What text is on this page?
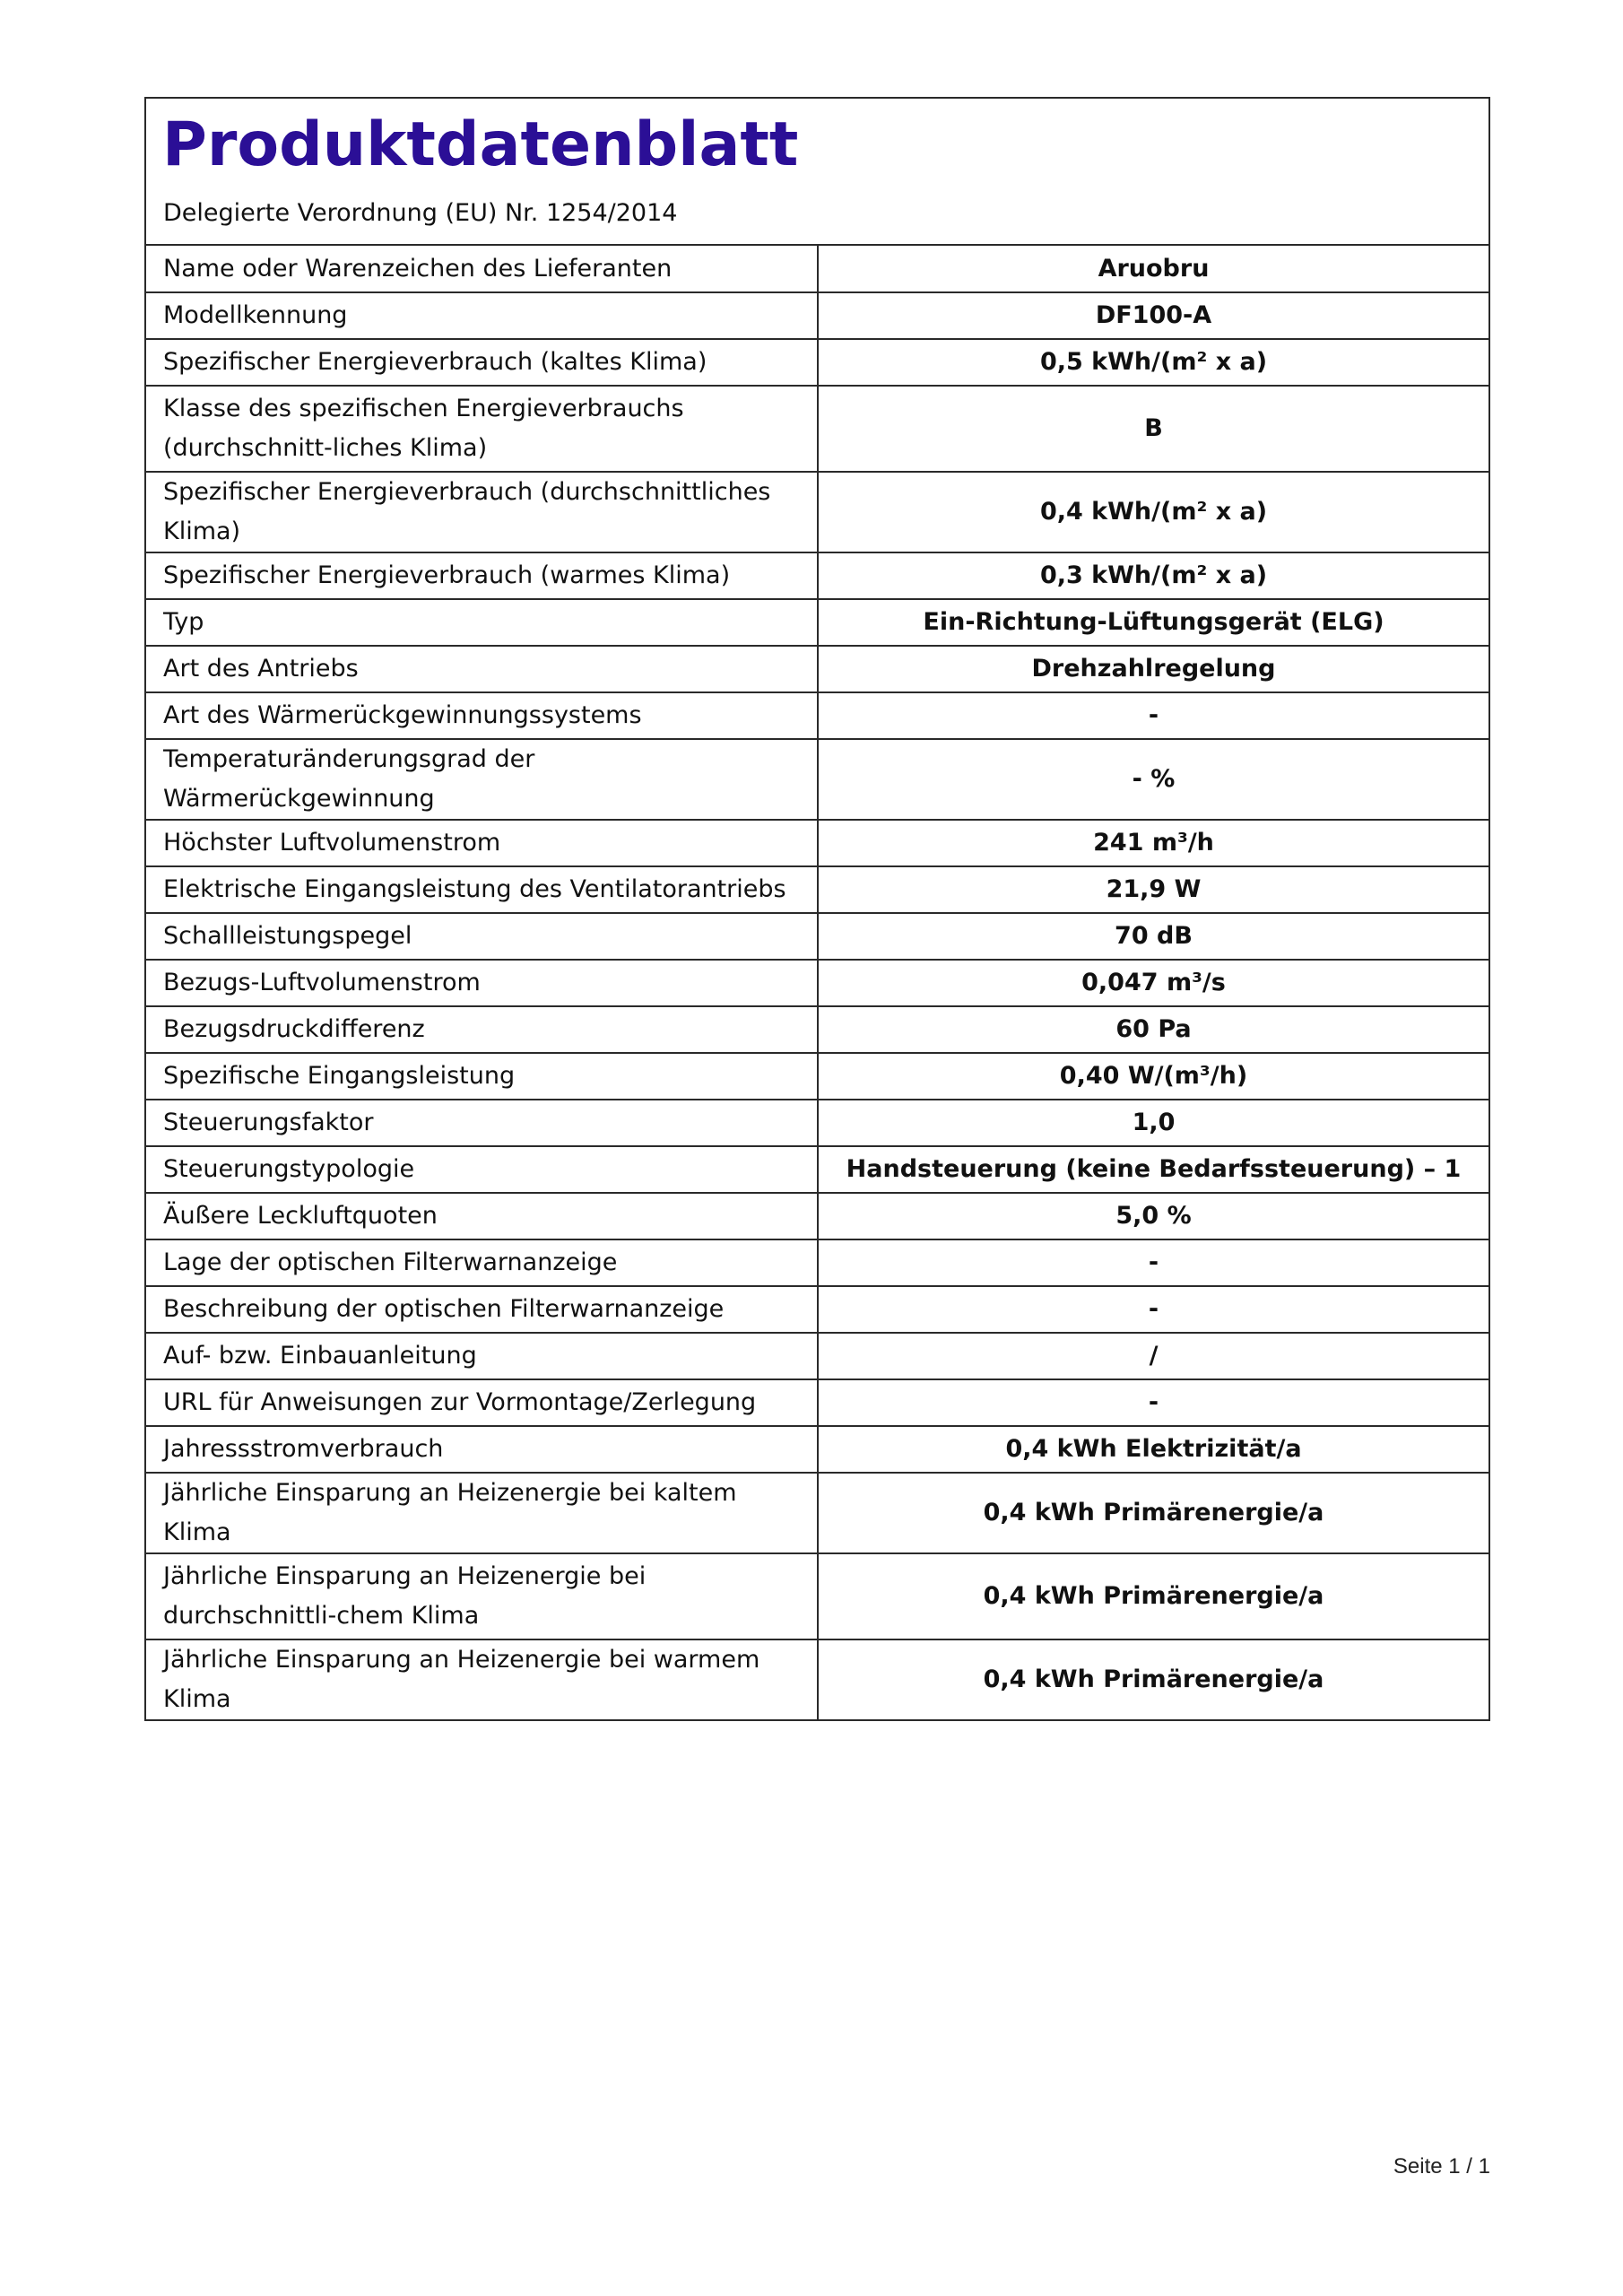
Produktdatenblatt
Delegierte Verordnung (EU) Nr. 1254/2014
Name oder Warenzeichen des Lieferanten	Aruobru
Modellkennung	DF100-A
Spezifischer Energieverbrauch (kaltes Klima)	0,5 kWh/(m² x a)
Klasse des spezifischen Energieverbrauchs (durchschnitt-liches Klima)	B
Spezifischer Energieverbrauch (durchschnittliches Klima)	0,4 kWh/(m² x a)
Spezifischer Energieverbrauch (warmes Klima)	0,3 kWh/(m² x a)
Typ	Ein-Richtung-Lüftungsgerät (ELG)
Art des Antriebs	Drehzahlregelung
Art des Wärmerückgewinnungssystems	-
Temperaturänderungsgrad der Wärmerückgewinnung	- %
Höchster Luftvolumenstrom	241 m³/h
Elektrische Eingangsleistung des Ventilatorantriebs	21,9 W
Schallleistungspegel	70 dB
Bezugs-Luftvolumenstrom	0,047 m³/s
Bezugsdruckdifferenz	60 Pa
Spezifische Eingangsleistung	0,40 W/(m³/h)
Steuerungsfaktor	1,0
Steuerungstypologie	Handsteuerung (keine Bedarfssteuerung) – 1
Äußere Leckluftquoten	5,0 %
Lage der optischen Filterwarnanzeige	-
Beschreibung der optischen Filterwarnanzeige	-
Auf- bzw. Einbauanleitung	/
URL für Anweisungen zur Vormontage/Zerlegung	-
Jahressstromverbrauch	0,4 kWh Elektrizität/a
Jährliche Einsparung an Heizenergie bei kaltem Klima	0,4 kWh Primärenergie/a
Jährliche Einsparung an Heizenergie bei durchschnittli-chem Klima	0,4 kWh Primärenergie/a
Jährliche Einsparung an Heizenergie bei warmem Klima	0,4 kWh Primärenergie/a
Seite 1 / 1
